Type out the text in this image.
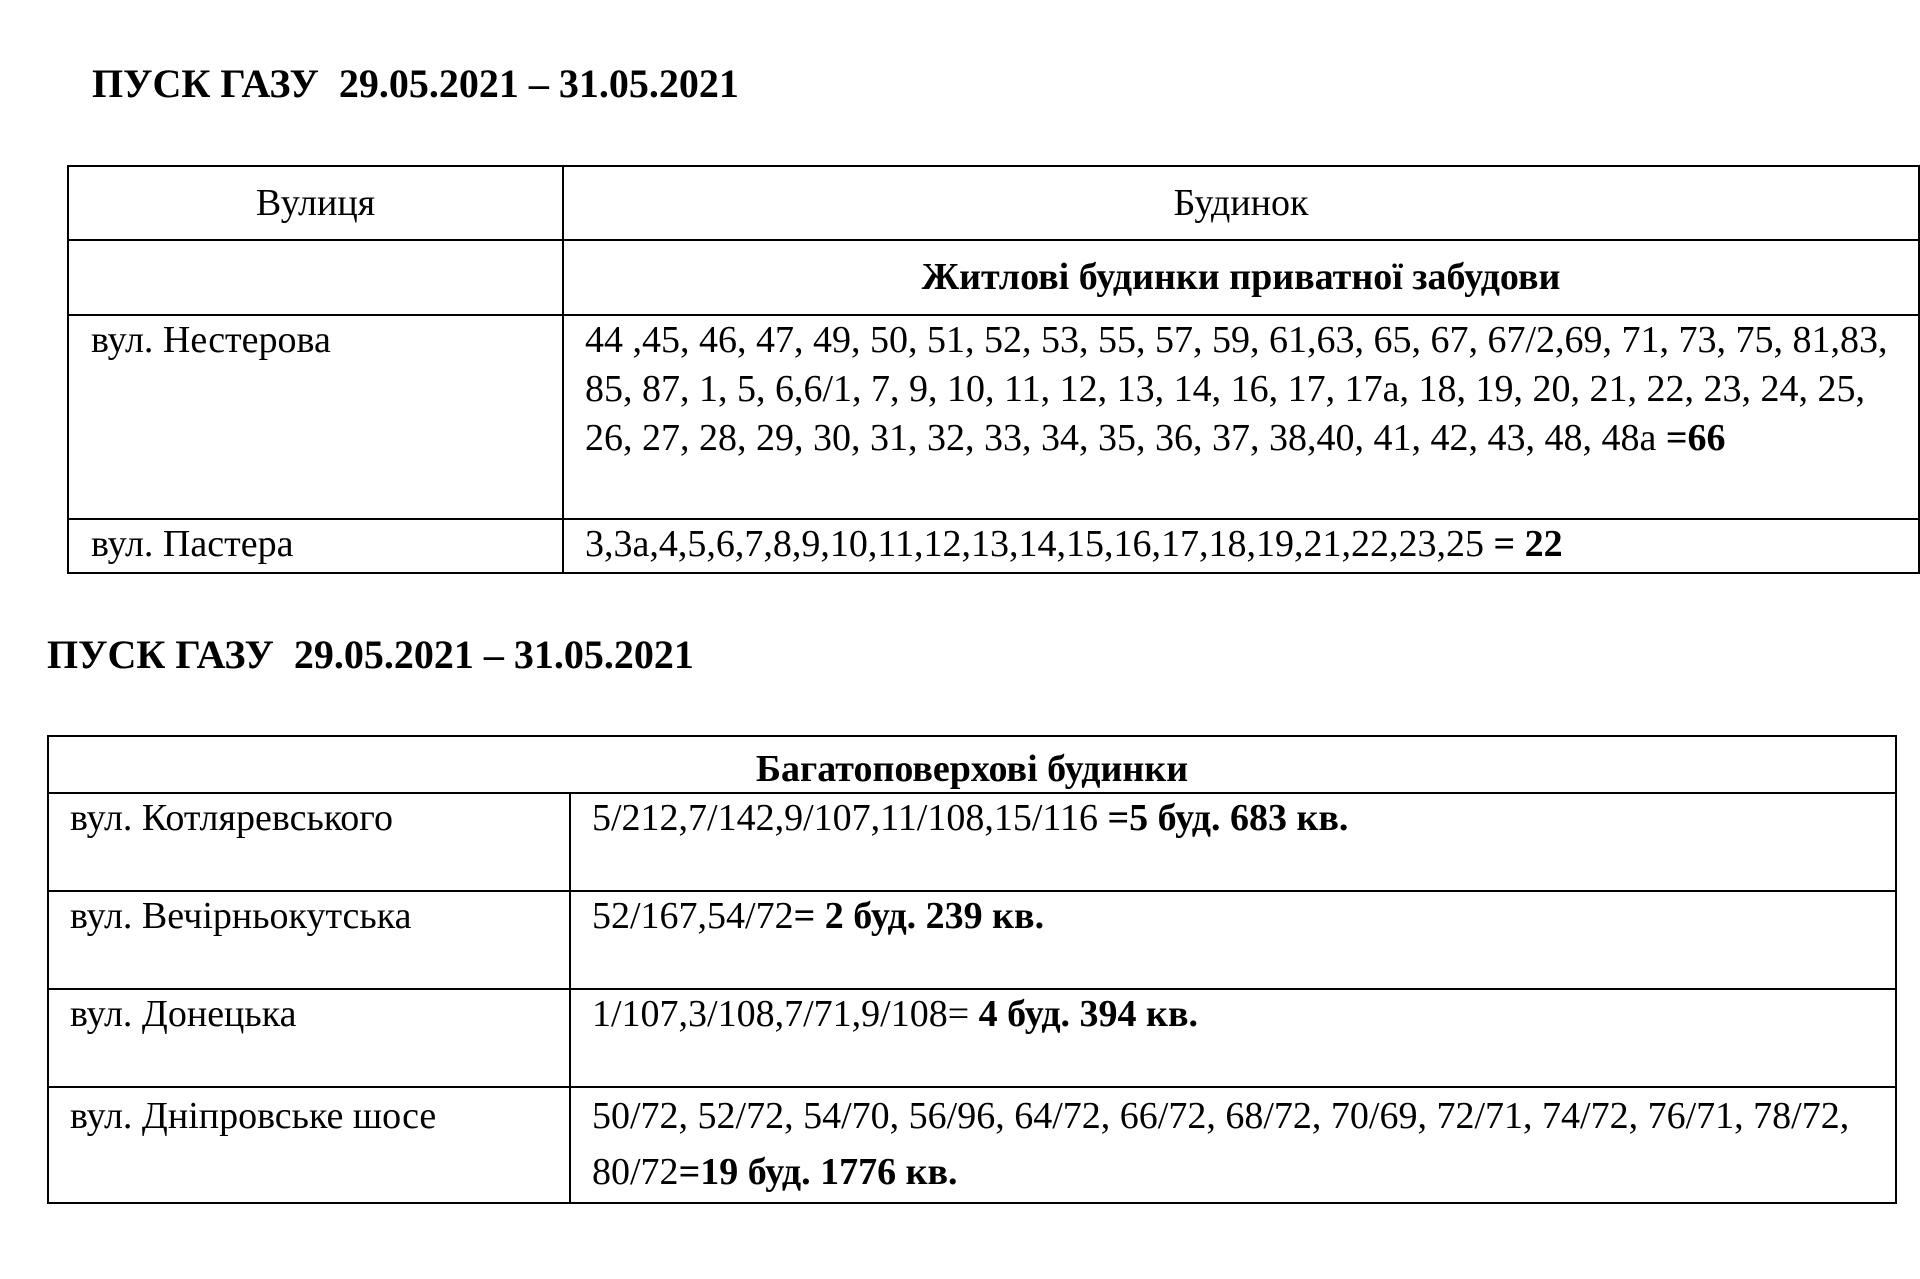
ПУСК ГАЗУ  29.05.2021 – 31.05.2021
Вулиця	Будинок
	Житлові будинки приватної забудови
вул. Нестерова	44 ,45, 46, 47, 49, 50, 51, 52, 53, 55, 57, 59, 61,63, 65, 67, 67/2,69, 71, 73, 75, 81,83, 85, 87, 1, 5, 6,6/1, 7, 9, 10, 11, 12, 13, 14, 16, 17, 17а, 18, 19, 20, 21, 22, 23, 24, 25, 26, 27, 28, 29, 30, 31, 32, 33, 34, 35, 36, 37, 38,40, 41, 42, 43, 48, 48а =66
вул. Пастера	3,3а,4,5,6,7,8,9,10,11,12,13,14,15,16,17,18,19,21,22,23,25 = 22
ПУСК ГАЗУ  29.05.2021 – 31.05.2021
Багатоповерхові будинки	
вул. Котляревського	5/212,7/142,9/107,11/108,15/116 =5 буд. 683 кв.
вул. Вечірньокутська	52/167,54/72= 2 буд. 239 кв.
вул. Донецька	1/107,3/108,7/71,9/108= 4 буд. 394 кв.
вул. Дніпровське шосе	50/72, 52/72, 54/70, 56/96, 64/72, 66/72, 68/72, 70/69, 72/71, 74/72, 76/71, 78/72, 80/72=19 буд. 1776 кв.
